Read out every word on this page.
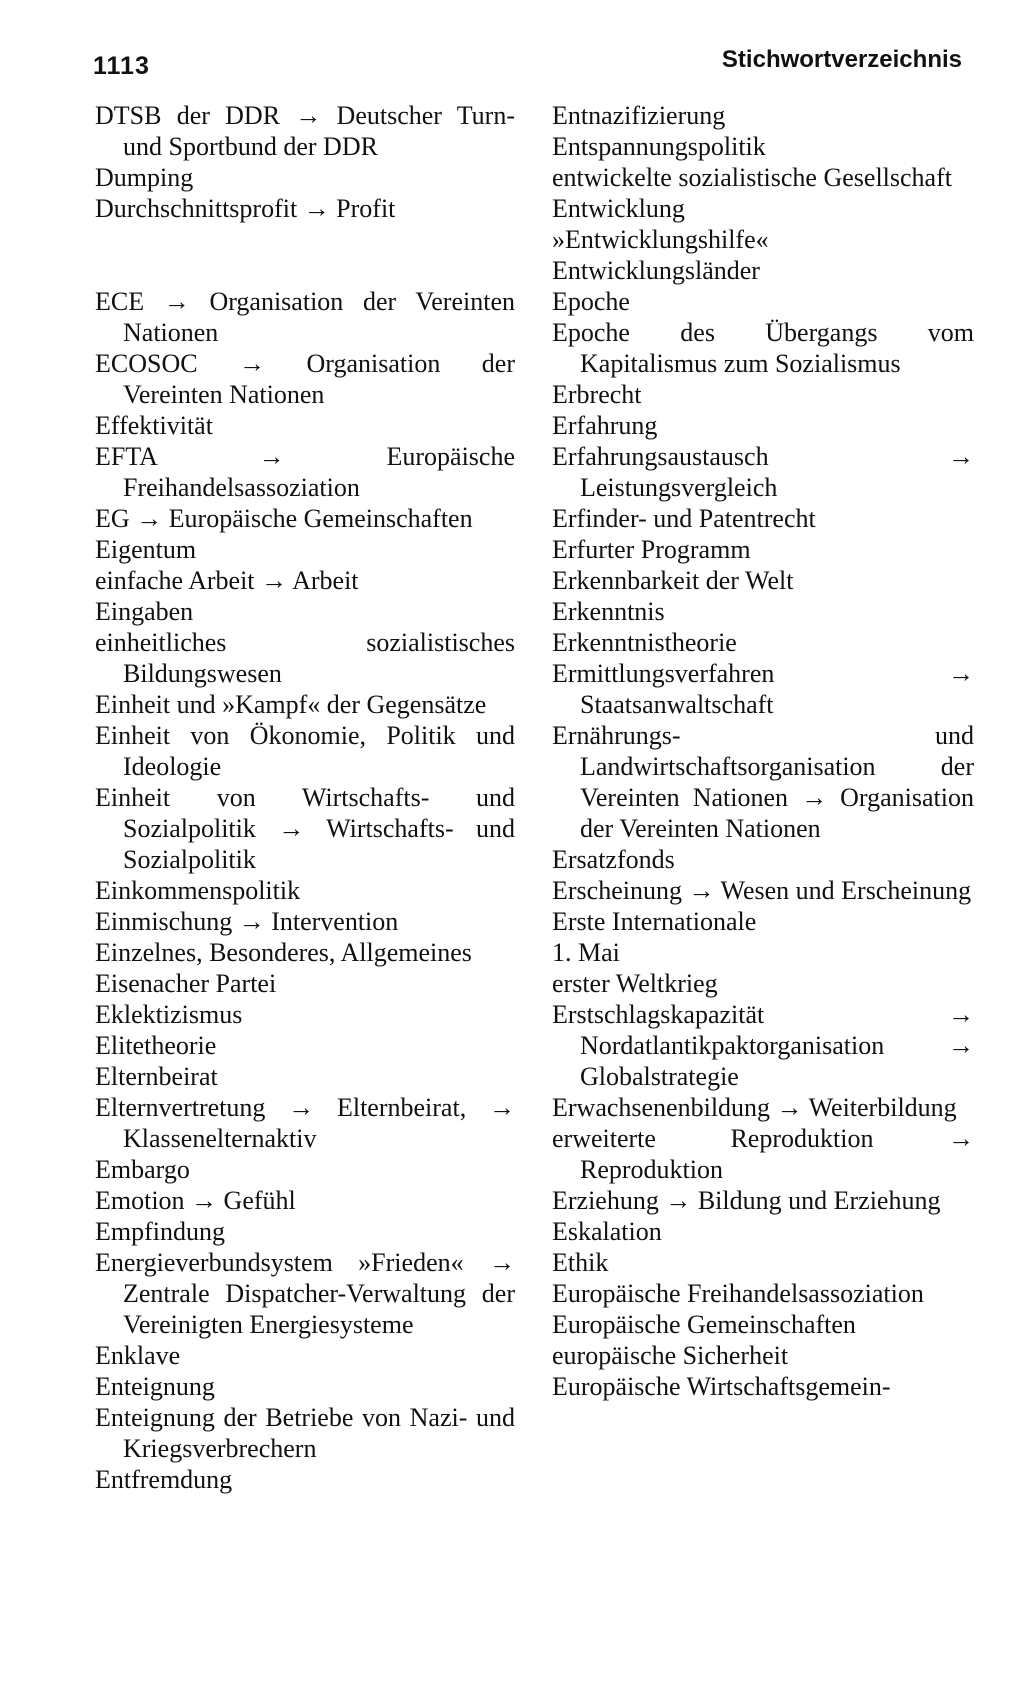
1113	Stichwortverzeichnis
DTSB der DDR → Deutscher Turn- und Sportbund der DDR
Dumping
Durchschnittsprofit → Profit
ECE → Organisation der Vereinten Nationen
ECOSOC → Organisation der Vereinten Nationen
Effektivität
EFTA → Europäische Freihandelsassoziation
EG → Europäische Gemeinschaften
Eigentum
einfache Arbeit → Arbeit
Eingaben
einheitliches sozialistisches Bildungswesen
Einheit und »Kampf« der Gegensätze
Einheit von Ökonomie, Politik und Ideologie
Einheit von Wirtschafts- und Sozialpolitik → Wirtschafts- und Sozialpolitik
Einkommenspolitik
Einmischung → Intervention
Einzelnes, Besonderes, Allgemeines
Eisenacher Partei
Eklektizismus
Elitetheorie
Elternbeirat
Elternvertretung → Elternbeirat, → Klassenelternaktiv
Embargo
Emotion → Gefühl
Empfindung
Energieverbundsystem »Frieden« → Zentrale Dispatcher-Verwaltung der Vereinigten Energiesysteme
Enklave
Enteignung
Enteignung der Betriebe von Nazi- und Kriegsverbrechern
Entfremdung
Entnazifizierung
Entspannungspolitik
entwickelte sozialistische Gesellschaft
Entwicklung
»Entwicklungshilfe«
Entwicklungsländer
Epoche
Epoche des Übergangs vom Kapitalismus zum Sozialismus
Erbrecht
Erfahrung
Erfahrungsaustausch → Leistungsvergleich
Erfinder- und Patentrecht
Erfurter Programm
Erkennbarkeit der Welt
Erkenntnis
Erkenntnistheorie
Ermittlungsverfahren → Staatsanwaltschaft
Ernährungs- und Landwirtschaftsorganisation der Vereinten Nationen → Organisation der Vereinten Nationen
Ersatzfonds
Erscheinung → Wesen und Erscheinung
Erste Internationale
1. Mai
erster Weltkrieg
Erstschlagskapazität → Nordatlantikpaktorganisation → Globalstrategie
Erwachsenenbildung → Weiterbildung
erweiterte Reproduktion → Reproduktion
Erziehung → Bildung und Erziehung
Eskalation
Ethik
Europäische Freihandelsassoziation
Europäische Gemeinschaften
europäische Sicherheit
Europäische Wirtschaftsgemein-
